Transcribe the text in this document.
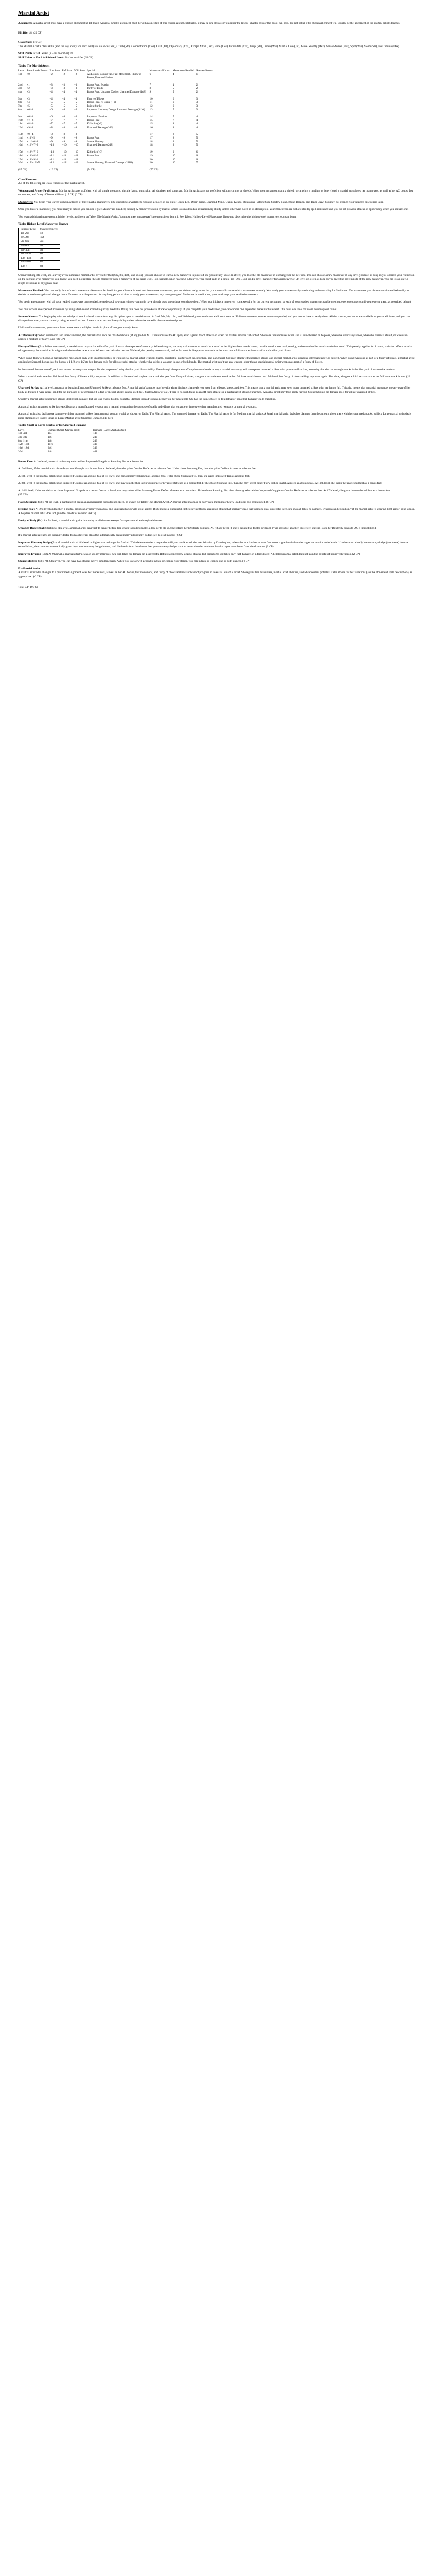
Martial Artist

Alignment: A martial artist must have a chosen alignment at 1st level. A martial artist’s alignment must be within one step of this chosen alignment (that is, it may be one step away on either the lawful–chaotic axis or the good–evil axis, but not both). This chosen alignment will usually be the alignment of the martial artist’s teacher.

Hit Die: d8. (20 CP)

Class Skills (16 CP)
The Martial Artist’s class skills (and the key ability for each skill) are Balance (Dex), Climb (Str), Concentration (Con), Craft (Int), Diplomacy (Cha), Escape Artist (Dex), Hide (Dex), Intimidate (Cha), Jump (Str), Listen (Wis), Martial Lore (Int), Move Silently (Dex), Sense Motive (Wis), Spot (Wis), Swim (Str), and Tumble (Dex).

Skill Points at 1st Level: (8 + Int modifier) x4
Skill Points at Each Additional Level: 8 + Int modifier (53 CP)
Table: The Martial Artist
Level	Base Attack Bonus	Fort Save	Ref Save	Will Save	Special	Maneuvers Known	Maneuvers Readied	Stances Known
1st	+0	+2	+2	+2	AC Bonus, Bonus Feat, Fast Movement, Flurry of Blows, Unarmed Strike	6	4	1
2nd	+1	+3	+3	+3	Bonus Feat, Evasion	7	4	2
3rd	+2	+3	+3	+3	Purity of Body	8	5	2
4th	+3	+4	+4	+4	Bonus Feat, Uncanny Dodge, Unarmed Damage (1d8)	9	5	2
5th	+3	+4	+4	+4	Flurry of Blows	10	6	3
6th	+4	+5	+5	+5	Bonus Feat, Ki Strike (+1)	11	6	3
7th	+5	+5	+5	+5	Patient Strike	12	6	3
8th	+6/+1	+6	+6	+6	Improved Uncanny Dodge, Unarmed Damage (1d10)	13	7	3
9th	+6/+1	+6	+6	+6	Improved Evasion	14	7	4
10th	+7/+2	+7	+7	+7	Bonus Feat	15	7	4
11th	+8/+3	+7	+7	+7	Ki Strike (+2)	15	8	4
12th	+9/+4	+8	+8	+8	Unarmed Damage (2d6)	16	8	4
13th	+9/+4	+8	+8	+8		17	8	5
14th	+10/+5	+9	+9	+9	Bonus Feat	17	8	5
15th	+11/+6/+1	+9	+9	+9	Stance Mastery	18	9	5
16th	+12/+7/+2	+10	+10	+10	Unarmed Damage (2d8)	18	9	5
17th	+12/+7/+2	+10	+10	+10	Ki Strike (+3)	19	9	6
18th	+13/+8/+3	+11	+11	+11	Bonus Feat	19	10	6
19th	+14/+9/+4	+11	+11	+11		20	10	6
20th	+15/+10/+5	+12	+12	+12	Stance Mastery, Unarmed Damage (2d10)	20	10	7
(17 CP)		(12 CP)			(74 CP)	(77 CP)		
Class Features:

All of the following are class features of the martial artist.

Weapon and Armor Proficiency: Martial Artists are proficient with all simple weapons, plus the kama, nunchaku, sai, shuriken and siangham. Martial Artists are not proficient with any armor or shields. When wearing armor, using a shield, or carrying a medium or heavy load, a martial artist loses her maneuvers, as well as her AC bonus, fast movement, and flurry of blows abilities. (17 CP) (6 CP)

Maneuvers: You begin your career with knowledge of three martial maneuvers. The disciplines available to you are a choice of six out of Black Leg, Desert Wind, Diamond Mind, Okami Kenpo, Rokushiki, Setting Sun, Shadow Hand, Stone Dragon, and Tiger Claw. You may not change your selected disciplines later.

Once you know a maneuver, you must ready it before you can use it (see Maneuvers Readied, below). A maneuver usable by martial artists is considered an extraordinary ability unless otherwise noted in its description. Your maneuvers are not affected by spell resistance and you do not provoke attacks of opportunity when you initiate one.

You learn additional maneuvers at higher levels, as shown on Table: The Martial Artist. You must meet a maneuver’s prerequisite to learn it. See Table: Highest-Level Maneuvers Known to determine the highest-level maneuvers you can learn.

Table: Highest-Level Maneuvers Known
Initiator Level	Maneuver Level
1st–2nd	1st
3rd–4th	2nd
5th–6th	3rd
7th–8th	4th
9th–10th	5th
11th–12th	6th
13th–14th	7th
15th–16th	8th
17th+	9th

Upon reaching 4th level, and at every even-numbered martial artist level after that (6th, 8th, 10th, and so on), you can choose to learn a new maneuver in place of one you already know. In effect, you lose the old maneuver in exchange for the new one. You can choose a new maneuver of any level you like, as long as you observe your restriction on the highest-level maneuvers you know; you need not replace the old maneuver with a maneuver of the same level. For example, upon reaching 10th level, you could trade in a single 1st-, 2nd-, 3rd- or 4th-level maneuver for a maneuver of 5th level or lower, as long as you meet the prerequisite of the new maneuver. You can swap only a single maneuver at any given level.

Maneuvers Readied: You can ready four of the six maneuvers known at 1st level. As you advance in level and learn more maneuvers, you are able to ready more, but you must still choose which maneuvers to ready. You ready your maneuvers by meditating and exercising for 5 minutes. The maneuvers you choose remain readied until you decide to meditate again and change them. You need not sleep or rest for any long period of time to ready your maneuvers; any time you spend 5 minutes in meditation, you can change your readied maneuvers.

You begin an encounter with all your readied maneuvers unexpended, regardless of how many times you might have already used them since you chose them. When you initiate a maneuver, you expend it for the current encounter, so each of your readied maneuvers can be used once per encounter (until you recover them, as described below).

You can recover an expended maneuver by using a full-round action to quickly meditate. Doing this does not provoke an attack of opportunity. If you complete your meditation, you can choose one expended maneuver to refresh. It is now available for use in a subsequent round.

Stances Known: You begin play with knowledge of one 1st-level stance from any discipline open to martial artists. At 2nd, 5th, 9th, 13th, and 20th level, you can choose additional stances. Unlike maneuvers, stances are not expended, and you do not have to ready them. All the stances you know are available to you at all times, and you can change the stance you are currently using as a swift action. A stance is an extraordinary ability unless otherwise stated in the stance description.

Unlike with maneuvers, you cannot learn a new stance at higher levels in place of one you already know.

AC Bonus (Ex): When unarmored and unencumbered, the martial artist adds her Wisdom bonus (if any) to her AC. These bonuses to AC apply even against touch attacks or when the martial artist is flat-footed. She loses these bonuses when she is immobilized or helpless, when she wears any armor, when she carries a shield, or when she carries a medium or heavy load. (36 CP)

Flurry of Blows (Ex): When unarmored, a martial artist may strike with a flurry of blows at the expense of accuracy. When doing so, she may make one extra attack in a round at her highest base attack bonus, but this attack takes a –2 penalty, as does each other attack made that round. This penalty applies for 1 round, so it also affects attacks of opportunity the martial artist might make before her next action. When a martial artist reaches 5th level, the penalty lessens to –1, and at 9th level it disappears. A martial artist must use a full attack action to strike with a flurry of blows.

When using flurry of blows, a martial artist may attack only with unarmed strikes or with special martial artist weapons (kama, nunchaku, quarterstaff, sai, shuriken, and siangham). She may attack with unarmed strikes and special martial artist weapons interchangeably as desired. When using weapons as part of a flurry of blows, a martial artist applies her Strength bonus (not Str bonus x 1-1/2 or x 1/2) to her damage rolls for all successful attacks, whether she wields a weapon in one or both hands. The martial artist can’t use any weapon other than a special martial artist weapon as part of a flurry of blows.

In the case of the quarterstaff, each end counts as a separate weapon for the purpose of using the flurry of blows ability. Even though the quarterstaff requires two hands to use, a martial artist may still intersperse unarmed strikes with quarterstaff strikes, assuming that she has enough attacks in her flurry of blows routine to do so.

When a martial artist reaches 11th level, her flurry of blows ability improves. In addition to the standard single extra attack she gets from flurry of blows, she gets a second extra attack at her full base attack bonus. At 15th level, her flurry of blows ability improves again. This time, she gets a third extra attack at her full base attack bonus. (12 CP)

Unarmed Strike: At 1st level, a martial artist gains Improved Unarmed Strike as a bonus feat. A martial artist’s attacks may be with either fist interchangeably or even from elbows, knees, and feet. This means that a martial artist may even make unarmed strikes with her hands full. This also means that a martial artist may use any part of her body as though it were a free hand for the purposes of determining if a feat or special ability can be used (i.e., Snatch Arrows Feat). There is no such thing as an off-hand attack for a martial artist striking unarmed. A martial artist may thus apply her full Strength bonus on damage rolls for all her unarmed strikes.

Usually a martial artist’s unarmed strikes deal lethal damage, but she can choose to deal nonlethal damage instead with no penalty on her attack roll. She has the same choice to deal lethal or nonlethal damage while grappling.

A martial artist’s unarmed strike is treated both as a manufactured weapon and a natural weapon for the purpose of spells and effects that enhance or improve either manufactured weapons or natural weapons.

A martial artist also deals more damage with her unarmed strikes than a normal person would, as shown on Table: The Martial Artist. The unarmed damage on Table: The Martial Artist is for Medium martial artists. A Small martial artist deals less damage than the amount given there with her unarmed attacks, while a Large martial artist deals more damage; see Table: Small or Large Martial artist Unarmed Damage. (15 CP)

Table: Small or Large Martial artist Unarmed Damage
Level	Damage (Small Martial artist)	Damage (Large Martial artist)
1st–3rd	1d4	1d8
4th–7th	1d6	2d6
8th–11th	1d8	2d8
12th–15th	1d10	3d6
16th–19th	2d6	3d8
20th	2d8	4d8

Bonus Feat: At 1st level, a martial artist may select either Improved Grapple or Stunning Fist as a bonus feat.

At 2nd level, if the martial artist chose Improved Grapple as a bonus feat at 1st level, then she gains Combat Reflexes as a bonus feat. If she chose Stunning Fist, then she gains Deflect Arrows as a bonus feat.

At 4th level, if the martial artist chose Improved Grapple as a bonus feat at 1st level, she gains Improved Disarm as a bonus feat. If she chose Stunning Fist, then she gains Improved Trip as a bonus feat.

At 6th level, if the martial artist chose Improved Grapple as a bonus feat at 1st level, she may select either Earth’s Embrace or Evasive Reflexes as a bonus feat. If she chose Stunning Fist, then she may select either Fiery Fist or Snatch Arrows as a bonus feat. At 10th level, she gains the unselected feat as a bonus feat.

At 14th level, if the martial artist chose Improved Grapple as a bonus feat at 1st level, she may select either Stunning Fist or Deflect Arrows as a bonus feat. If she chose Stunning Fist, then she may select either Improved Grapple or Combat Reflexes as a bonus feat. At 17th level, she gains the unselected feat as a bonus feat.
(17 CP)

Fast Movement (Ex): At 1st level, a martial artist gains an enhancement bonus to her speed, as shown on Table: The Martial Artist. A martial artist in armor or carrying a medium or heavy load loses this extra speed. (8 CP)

Evasion (Ex): At 2nd level and higher, a martial artist can avoid even magical and unusual attacks with great agility. If she makes a successful Reflex saving throw against an attack that normally deals half damage on a successful save, she instead takes no damage. Evasion can be used only if the martial artist is wearing light armor or no armor. A helpless martial artist does not gain the benefit of evasion. (6 CP)

Purity of Body (Ex): At 5th level, a martial artist gains immunity to all diseases except for supernatural and magical diseases.

Uncanny Dodge (Ex): Starting at 4th level, a martial artist can react to danger before her senses would normally allow her to do so. She retains her Dexterity bonus to AC (if any) even if she is caught flat-footed or struck by an invisible attacker. However, she still loses her Dexterity bonus to AC if immobilized.

If a martial artist already has uncanny dodge from a different class the automatically gains improved uncanny dodge (see below) instead. (6 CP)

Improved Uncanny Dodge (Ex): A martial artist of 8th level or higher can no longer be flanked. This defense denies a rogue the ability to sneak attack the martial artist by flanking her, unless the attacker has at least four more rogue levels than the target has martial artist levels. If a character already has uncanny dodge (see above) from a second class, the character automatically gains improved uncanny dodge instead, and the levels from the classes that grant uncanny dodge stack to determine the minimum level a rogue must be to flank the character. (2 CP)

Improved Evasion (Ex): At 9th level, a martial artist’s evasion ability improves. She still takes no damage on a successful Reflex saving throw against attacks, but henceforth she takes only half damage on a failed save. A helpless martial artist does not gain the benefit of improved evasion. (2 CP)

Stance Mastery (Ex): At 20th level, you can have two stances active simultaneously. When you use a swift action to initiate or change your stance, you can initiate or change one or both stances. (2 CP)

Ex-Martial Artist

A martial artist who changes to a prohibited alignment loses her maneuvers, as well as her AC bonus, fast movement, and flurry of blows abilities and cannot progress in levels as a martial artist. She regains her maneuvers, martial artist abilities, and advancement potential if she atones for her violations (see the atonement spell description), as appropriate. (-6 CP)

Total CP: 197 CP
